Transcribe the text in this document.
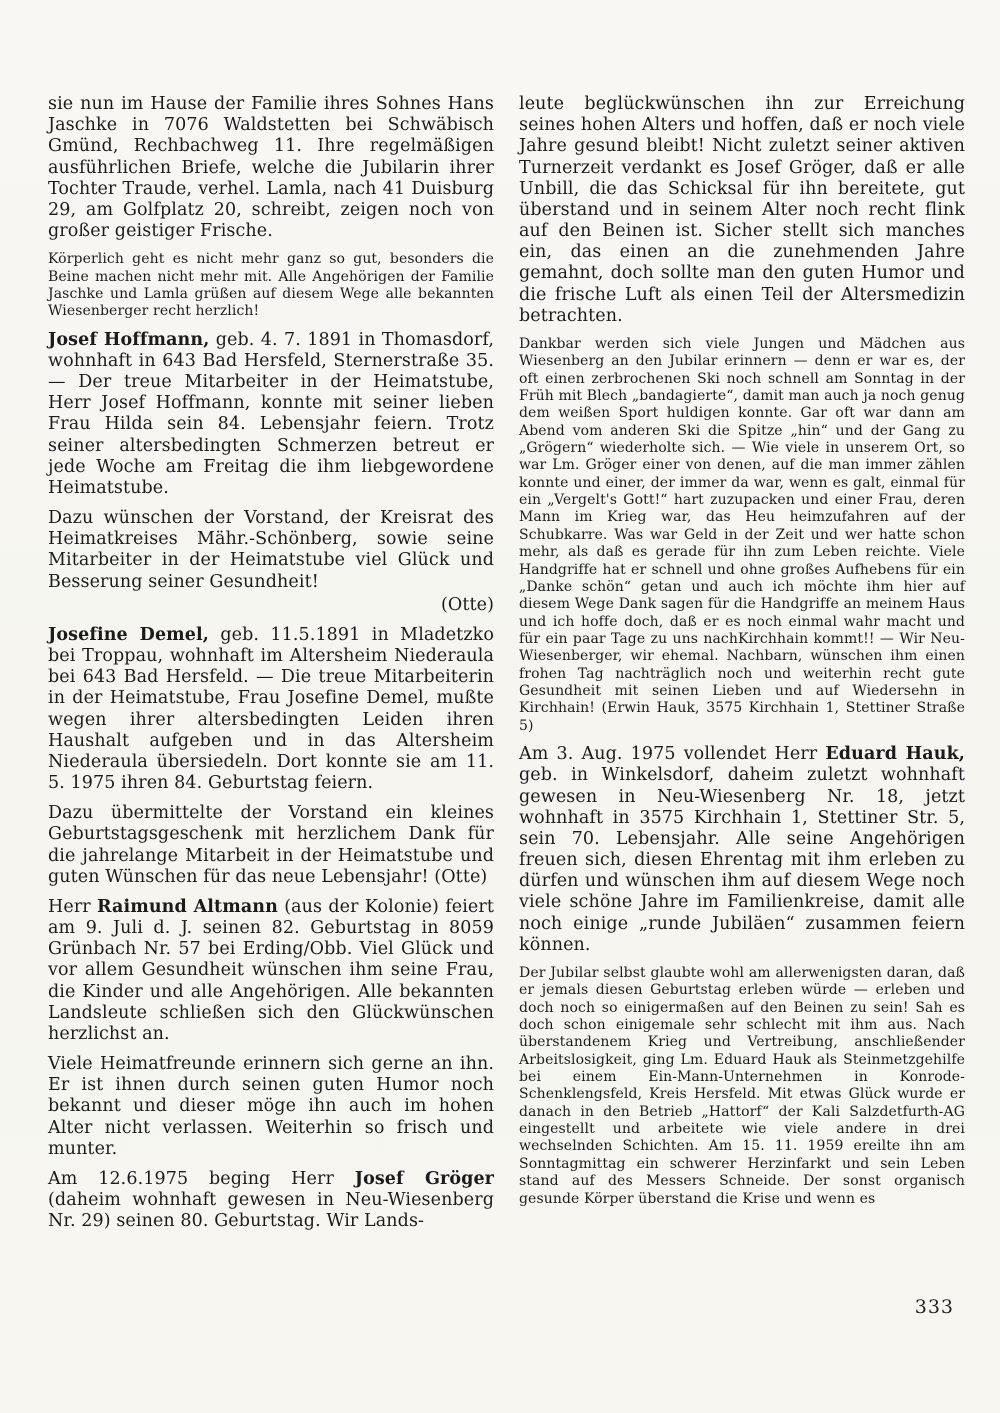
sie nun im Hause der Familie ihres Sohnes Hans Jaschke in 7076 Waldstetten bei Schwäbisch Gmünd, Rechbachweg 11. Ihre regelmäßigen ausführlichen Briefe, welche die Jubilarin ihrer Tochter Traude, verhel. Lamla, nach 41 Duisburg 29, am Golfplatz 20, schreibt, zeigen noch von großer geistiger Frische.

Körperlich geht es nicht mehr ganz so gut, besonders die Beine machen nicht mehr mit. Alle Angehörigen der Familie Jaschke und Lamla grüßen auf diesem Wege alle bekannten Wiesenberger recht herzlich!

Josef Hoffmann, geb. 4. 7. 1891 in Thomasdorf, wohnhaft in 643 Bad Hersfeld, Sternerstraße 35. — Der treue Mitarbeiter in der Heimatstube, Herr Josef Hoffmann, konnte mit seiner lieben Frau Hilda sein 84. Lebensjahr feiern. Trotz seiner altersbedingten Schmerzen betreut er jede Woche am Freitag die ihm liebgewordene Heimatstube.

Dazu wünschen der Vorstand, der Kreisrat des Heimatkreises Mähr.-Schönberg, sowie seine Mitarbeiter in der Heimatstube viel Glück und Besserung seiner Gesundheit!

(Otte)

Josefine Demel, geb. 11.5.1891 in Mladetzko bei Troppau, wohnhaft im Altersheim Niederaula bei 643 Bad Hersfeld. — Die treue Mitarbeiterin in der Heimatstube, Frau Josefine Demel, mußte wegen ihrer altersbedingten Leiden ihren Haushalt aufgeben und in das Altersheim Niederaula übersiedeln. Dort konnte sie am 11. 5. 1975 ihren 84. Geburtstag feiern.

Dazu übermittelte der Vorstand ein kleines Geburtstagsgeschenk mit herzlichem Dank für die jahrelange Mitarbeit in der Heimatstube und guten Wünschen für das neue Lebensjahr! (Otte)

Herr Raimund Altmann (aus der Kolonie) feiert am 9. Juli d. J. seinen 82. Geburtstag in 8059 Grünbach Nr. 57 bei Erding/Obb. Viel Glück und vor allem Gesundheit wünschen ihm seine Frau, die Kinder und alle Angehörigen. Alle bekannten Landsleute schließen sich den Glückwünschen herzlichst an.

Viele Heimatfreunde erinnern sich gerne an ihn. Er ist ihnen durch seinen guten Humor noch bekannt und dieser möge ihn auch im hohen Alter nicht verlassen. Weiterhin so frisch und munter.

Am 12.6.1975 beging Herr Josef Gröger (daheim wohnhaft gewesen in Neu-Wiesenberg Nr. 29) seinen 80. Geburtstag. Wir Lands-

leute beglückwünschen ihn zur Erreichung seines hohen Alters und hoffen, daß er noch viele Jahre gesund bleibt! Nicht zuletzt seiner aktiven Turnerzeit verdankt es Josef Gröger, daß er alle Unbill, die das Schicksal für ihn bereitete, gut überstand und in seinem Alter noch recht flink auf den Beinen ist. Sicher stellt sich manches ein, das einen an die zunehmenden Jahre gemahnt, doch sollte man den guten Humor und die frische Luft als einen Teil der Altersmedizin betrachten.

Dankbar werden sich viele Jungen und Mädchen aus Wiesenberg an den Jubilar erinnern — denn er war es, der oft einen zerbrochenen Ski noch schnell am Sonntag in der Früh mit Blech „bandagierte“, damit man auch ja noch genug dem weißen Sport huldigen konnte. Gar oft war dann am Abend vom anderen Ski die Spitze „hin“ und der Gang zu „Grögern“ wiederholte sich. — Wie viele in unserem Ort, so war Lm. Gröger einer von denen, auf die man immer zählen konnte und einer, der immer da war, wenn es galt, einmal für ein „Vergelt's Gott!“ hart zuzupacken und einer Frau, deren Mann im Krieg war, das Heu heimzufahren auf der Schubkarre. Was war Geld in der Zeit und wer hatte schon mehr, als daß es gerade für ihn zum Leben reichte. Viele Handgriffe hat er schnell und ohne großes Aufhebens für ein „Danke schön“ getan und auch ich möchte ihm hier auf diesem Wege Dank sagen für die Handgriffe an meinem Haus und ich hoffe doch, daß er es noch einmal wahr macht und für ein paar Tage zu uns nachKirchhain kommt!! — Wir Neu-Wiesenberger, wir ehemal. Nachbarn, wünschen ihm einen frohen Tag nachträglich noch und weiterhin recht gute Gesundheit mit seinen Lieben und auf Wiedersehn in Kirchhain! (Erwin Hauk, 3575 Kirchhain 1, Stettiner Straße 5)

Am 3. Aug. 1975 vollendet Herr Eduard Hauk, geb. in Winkelsdorf, daheim zuletzt wohnhaft gewesen in Neu-Wiesenberg Nr. 18, jetzt wohnhaft in 3575 Kirchhain 1, Stettiner Str. 5, sein 70. Lebensjahr. Alle seine Angehörigen freuen sich, diesen Ehrentag mit ihm erleben zu dürfen und wünschen ihm auf diesem Wege noch viele schöne Jahre im Familienkreise, damit alle noch einige „runde Jubiläen“ zusammen feiern können.

Der Jubilar selbst glaubte wohl am allerwenigsten daran, daß er jemals diesen Geburtstag erleben würde — erleben und doch noch so einigermaßen auf den Beinen zu sein! Sah es doch schon einigemale sehr schlecht mit ihm aus. Nach überstandenem Krieg und Vertreibung, anschließender Arbeitslosigkeit, ging Lm. Eduard Hauk als Steinmetzgehilfe bei einem Ein-Mann-Unternehmen in Konrode-Schenklengsfeld, Kreis Hersfeld. Mit etwas Glück wurde er danach in den Betrieb „Hattorf“ der Kali Salzdetfurth-AG eingestellt und arbeitete wie viele andere in drei wechselnden Schichten. Am 15. 11. 1959 ereilte ihn am Sonntagmittag ein schwerer Herzinfarkt und sein Leben stand auf des Messers Schneide. Der sonst organisch gesunde Körper überstand die Krise und wenn es

333
